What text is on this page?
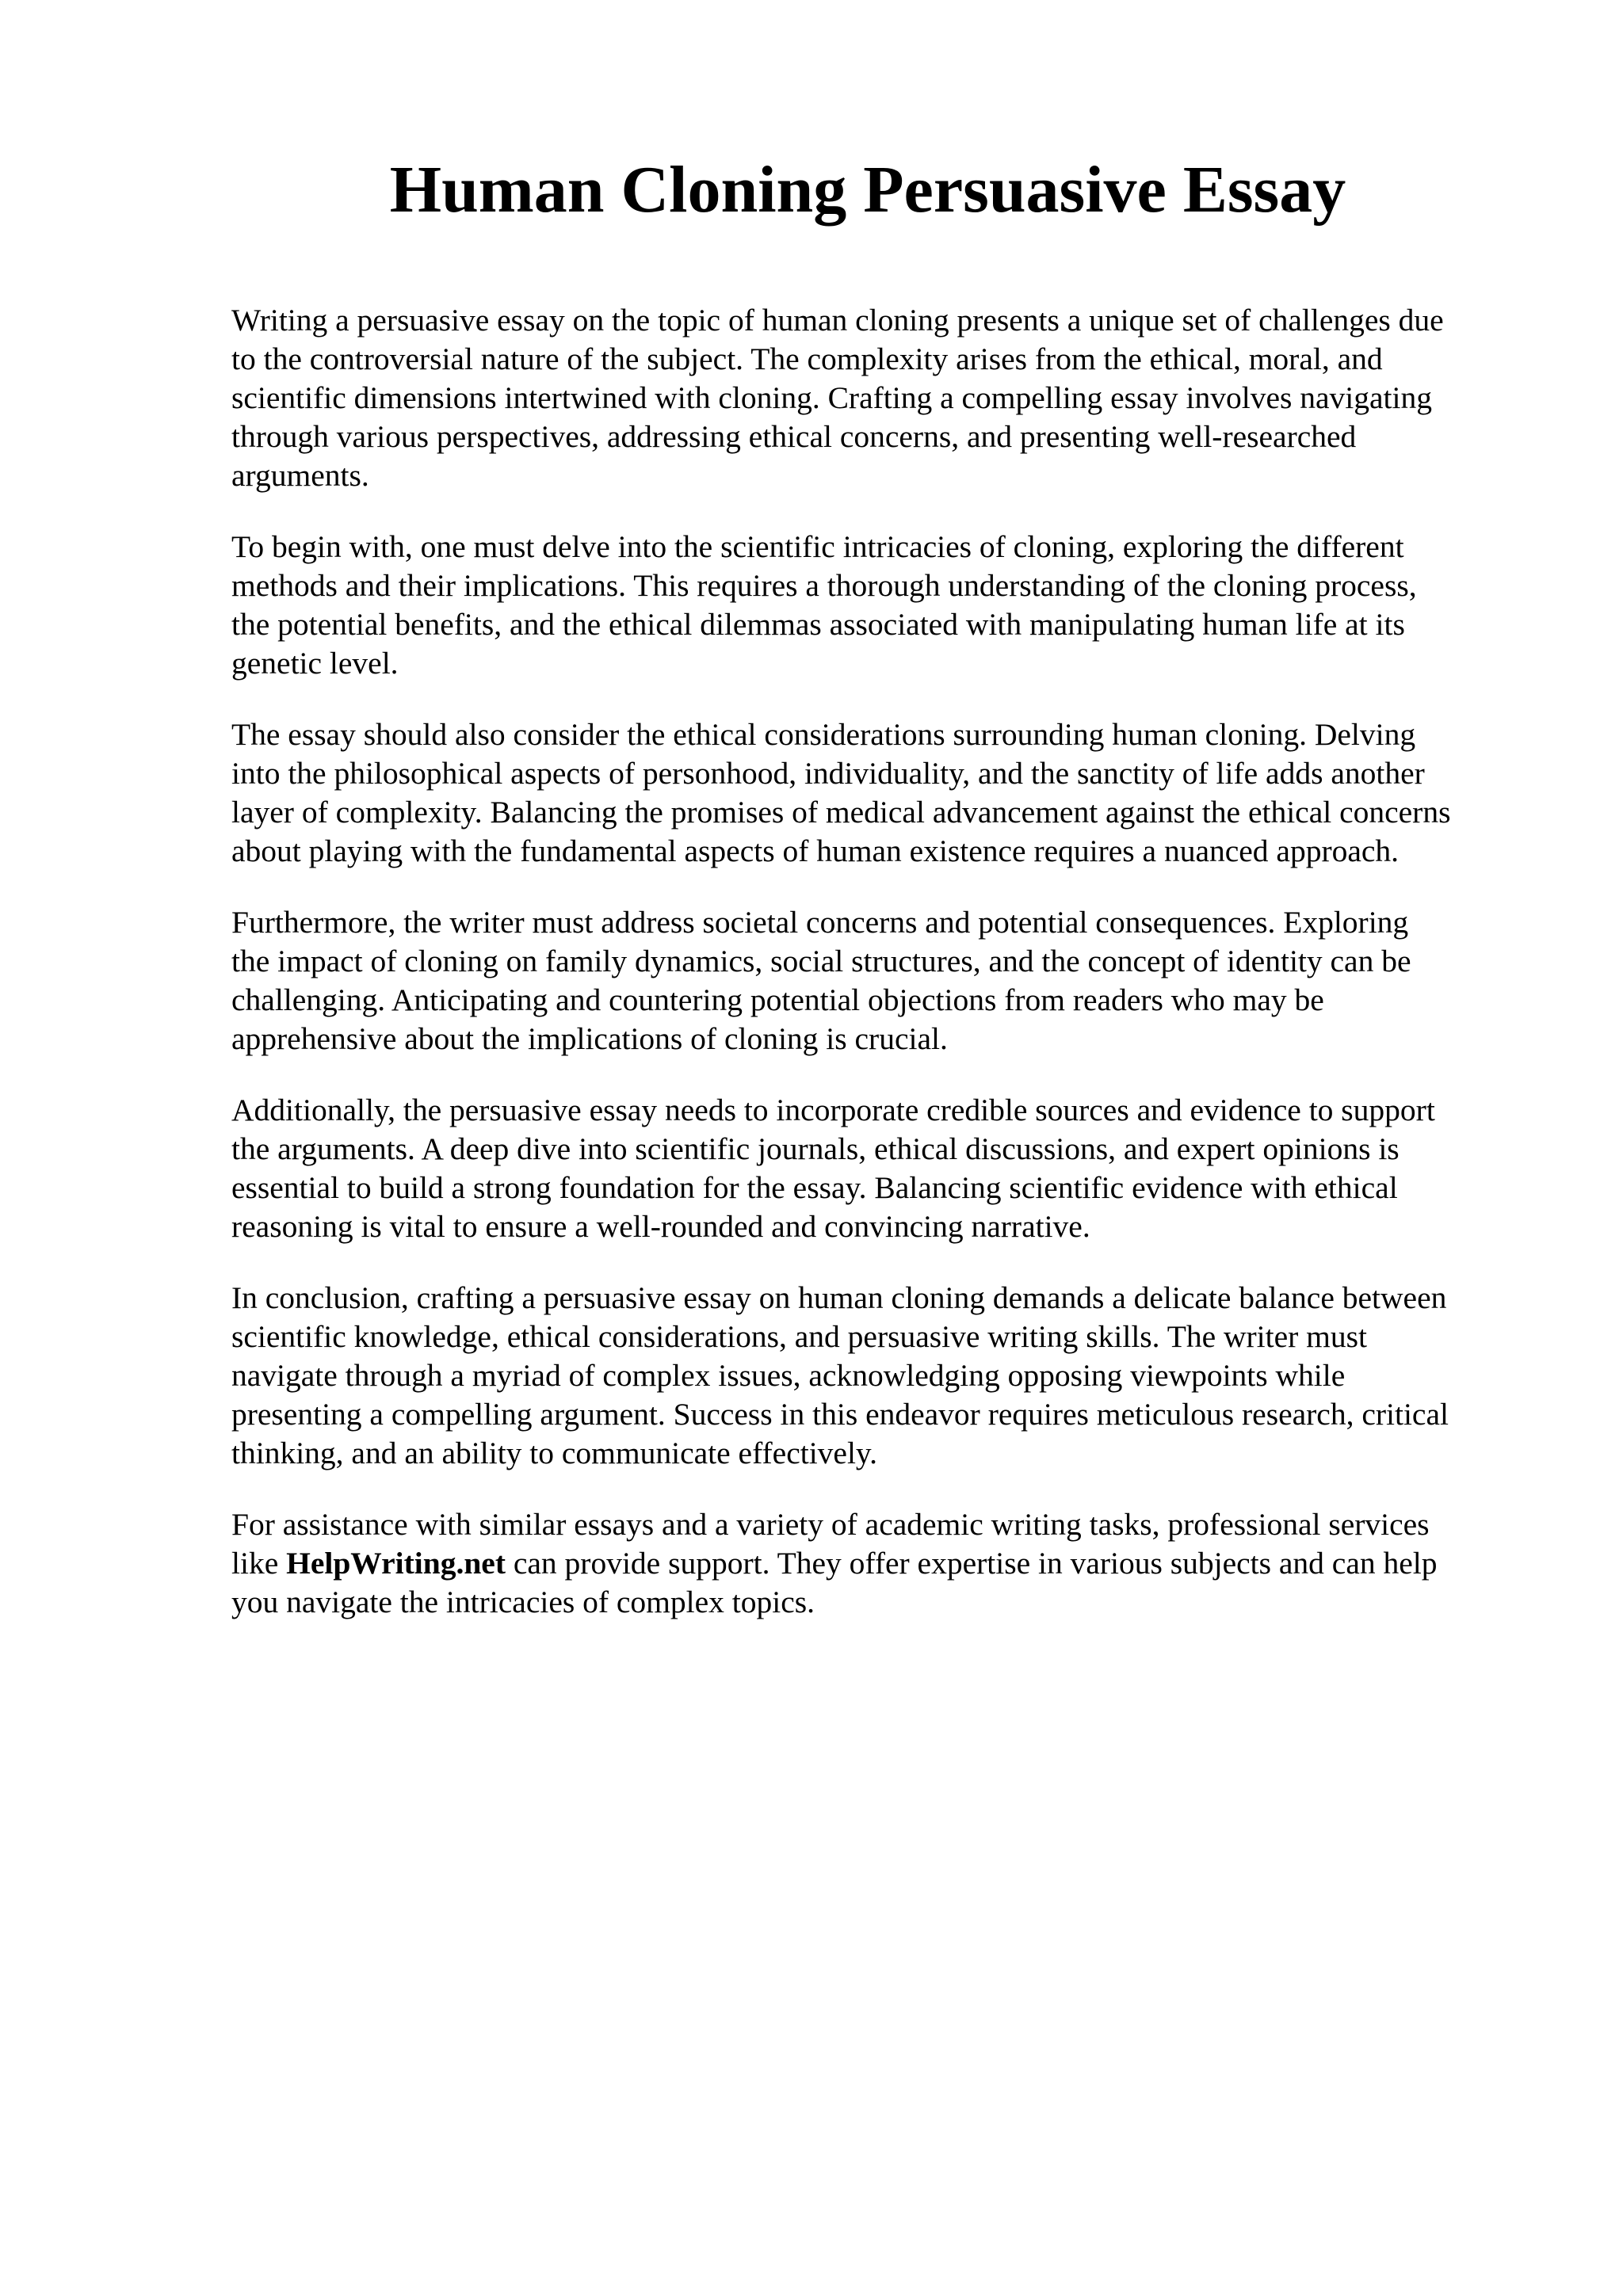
Human Cloning Persuasive Essay

Writing a persuasive essay on the topic of human cloning presents a unique set of challenges due
to the controversial nature of the subject. The complexity arises from the ethical, moral, and
scientific dimensions intertwined with cloning. Crafting a compelling essay involves navigating
through various perspectives, addressing ethical concerns, and presenting well-researched
arguments.

To begin with, one must delve into the scientific intricacies of cloning, exploring the different
methods and their implications. This requires a thorough understanding of the cloning process,
the potential benefits, and the ethical dilemmas associated with manipulating human life at its
genetic level.

The essay should also consider the ethical considerations surrounding human cloning. Delving
into the philosophical aspects of personhood, individuality, and the sanctity of life adds another
layer of complexity. Balancing the promises of medical advancement against the ethical concerns
about playing with the fundamental aspects of human existence requires a nuanced approach.

Furthermore, the writer must address societal concerns and potential consequences. Exploring
the impact of cloning on family dynamics, social structures, and the concept of identity can be
challenging. Anticipating and countering potential objections from readers who may be
apprehensive about the implications of cloning is crucial.

Additionally, the persuasive essay needs to incorporate credible sources and evidence to support
the arguments. A deep dive into scientific journals, ethical discussions, and expert opinions is
essential to build a strong foundation for the essay. Balancing scientific evidence with ethical
reasoning is vital to ensure a well-rounded and convincing narrative.

In conclusion, crafting a persuasive essay on human cloning demands a delicate balance between
scientific knowledge, ethical considerations, and persuasive writing skills. The writer must
navigate through a myriad of complex issues, acknowledging opposing viewpoints while
presenting a compelling argument. Success in this endeavor requires meticulous research, critical
thinking, and an ability to communicate effectively.

For assistance with similar essays and a variety of academic writing tasks, professional services
like HelpWriting.net can provide support. They offer expertise in various subjects and can help
you navigate the intricacies of complex topics.
